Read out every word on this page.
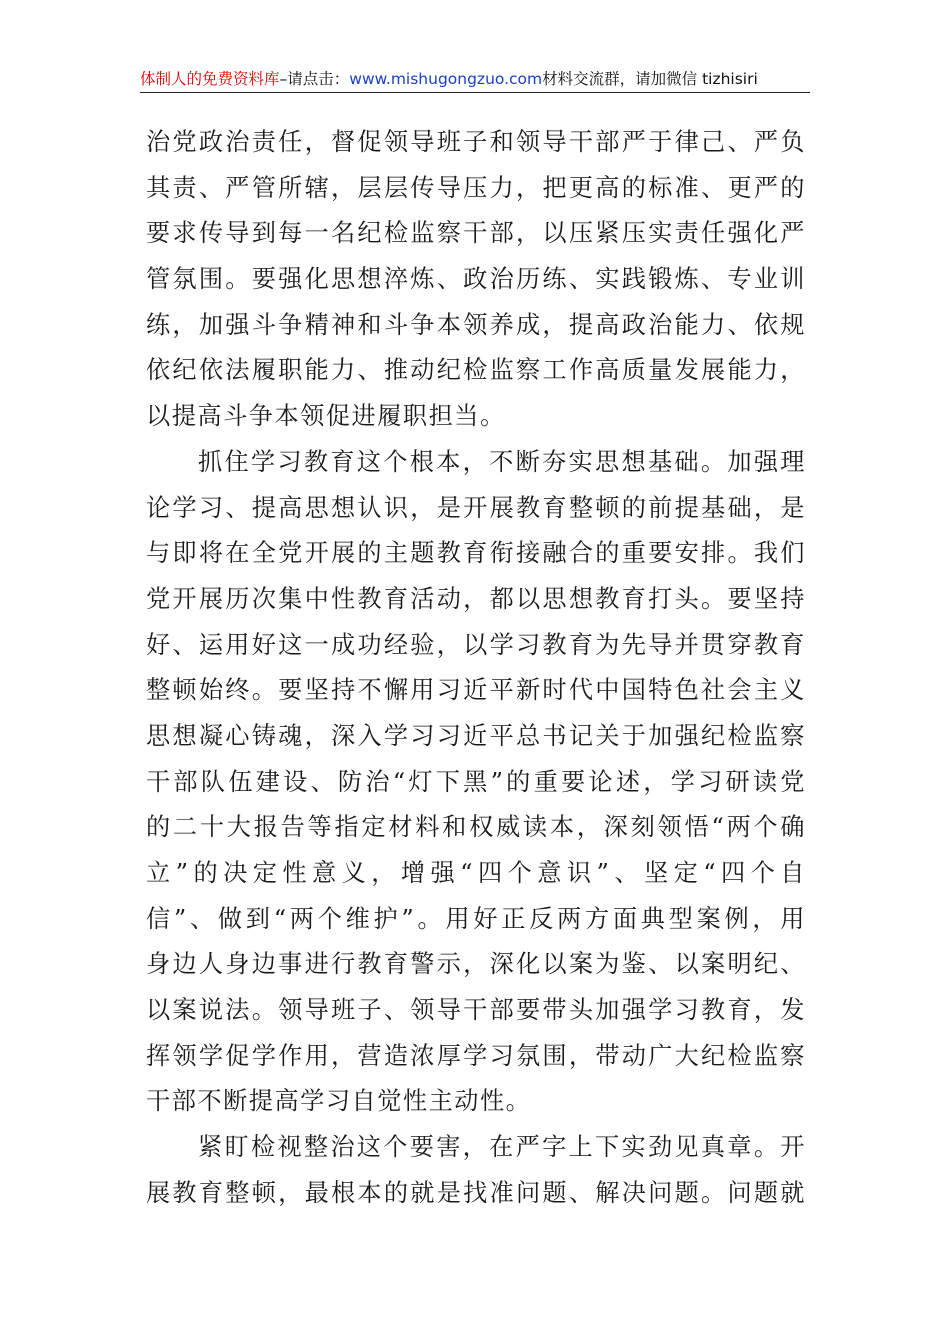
体制人的免费资料库–请点击：www.mishugongzuo.com材料交流群，请加微信 tizhisiri
治党政治责任，督促领导班子和领导干部严于律己、严负
其责、严管所辖，层层传导压力，把更高的标准、更严的
要求传导到每一名纪检监察干部，以压紧压实责任强化严
管氛围。要强化思想淬炼、政治历练、实践锻炼、专业训
练，加强斗争精神和斗争本领养成，提高政治能力、依规
依纪依法履职能力、推动纪检监察工作高质量发展能力，
以提高斗争本领促进履职担当。
抓住学习教育这个根本，不断夯实思想基础。加强理
论学习、提高思想认识，是开展教育整顿的前提基础，是
与即将在全党开展的主题教育衔接融合的重要安排。我们
党开展历次集中性教育活动，都以思想教育打头。要坚持
好、运用好这一成功经验，以学习教育为先导并贯穿教育
整顿始终。要坚持不懈用习近平新时代中国特色社会主义
思想凝心铸魂，深入学习习近平总书记关于加强纪检监察
干部队伍建设、防治“灯下黑”的重要论述，学习研读党
的二十大报告等指定材料和权威读本，深刻领悟“两个确
立”的决定性意义，增强“四个意识”、坚定“四个自
信”、做到“两个维护”。用好正反两方面典型案例，用
身边人身边事进行教育警示，深化以案为鉴、以案明纪、
以案说法。领导班子、领导干部要带头加强学习教育，发
挥领学促学作用，营造浓厚学习氛围，带动广大纪检监察
干部不断提高学习自觉性主动性。
紧盯检视整治这个要害，在严字上下实劲见真章。开
展教育整顿，最根本的就是找准问题、解决问题。问题就
